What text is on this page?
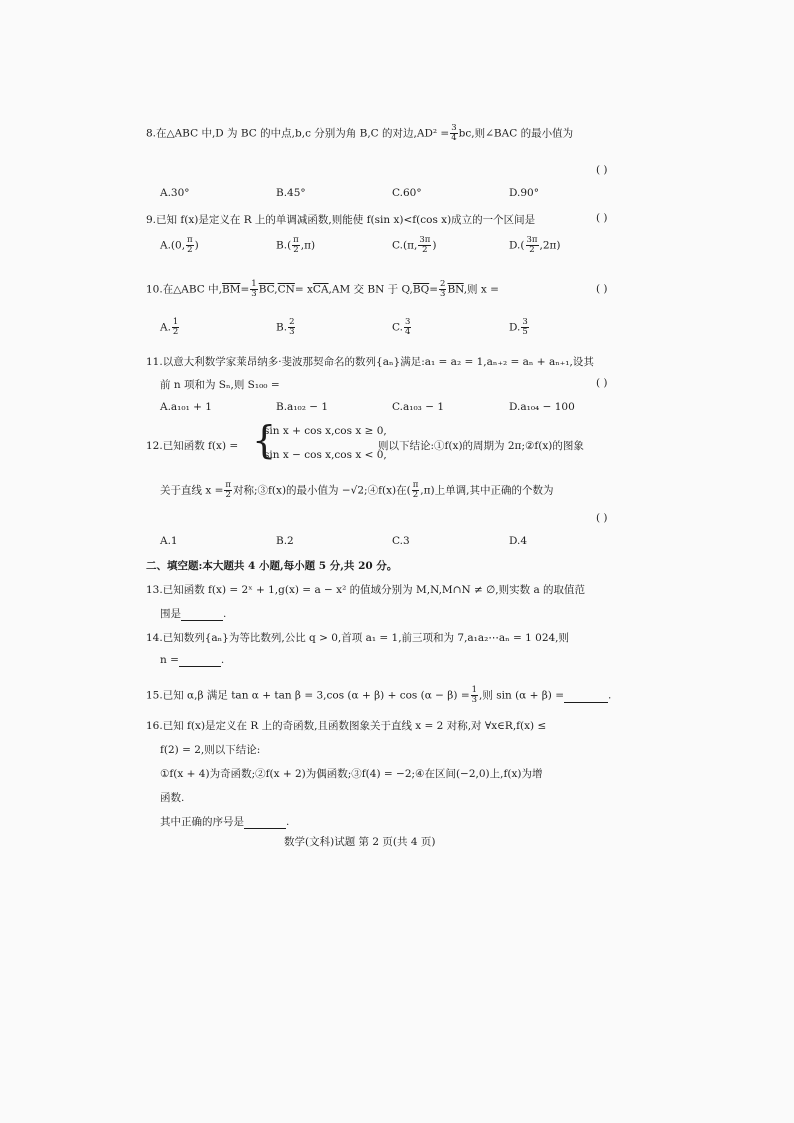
8.在△ABC 中,D 为 BC 的中点,b,c 分别为角 B,C 的对边$,AD^2 = \frac{3}{4}$ bc,则∠BAC 的最小值为
( )
A.30°	B.45°	C.60°	D.90°
9.已知 f(x)是定义在 R 上的单调减函数,则能使 f(sin x)<f(cos x)成立的一个区间是	( )
A.(0, $\frac{\pi}{2}$ )	$B.( \frac{\pi}{2} ,\pi)$	C.(π, $\frac{3\pi}{2}$ )	$D.( \frac{3\pi}{2} ,2\pi)$
10.在△ABC 中$,\overline{BM}= \frac{1}{3} \overline{BC},\overline{CN}= x\overline{CA},AM$ 交 BN 于 $Q,\overline{BQ}= \frac{2}{3} \overline{BN}$,则 x =	( )
A. $\frac{1}{2}$	B. $\frac{2}{3}$	C. $\frac{3}{4}$	D. $\frac{3}{5}$
11.以意大利数学家莱昂纳多·斐波那契命名的数列{aₙ}满足:a₁ = a₂ = 1,aₙ₊₂ = aₙ + aₙ₊₁,设其
前 n 项和为 Sₙ,则 S₁₀₀ =	( )
A.a₁₀₁ + 1	B.a₁₀₂ − 1	C.a₁₀₃ − 1	D.a₁₀₄ − 100
12.已知函数 f(x) = {
sin x + cos x,cos x ≥ 0,
sin x − cos x,cos x < 0,
则以下结论:①f(x)的周期为 2π;②f(x)的图象
关于直线 $x = \frac{\pi}{2}$ 对称;③f(x)的最小值为 −√2;④f(x)在( $\frac{\pi}{2} ,\pi$)上单调,其中正确的个数为
( )
A.1	B.2	C.3	D.4
二、填空题:本大题共 4 小题,每小题 5 分,共 20 分。
13.已知函数 f(x) = 2ˣ + 1,g(x) = a − x² 的值域分别为 M,N,M∩N ≠ ∅,则实数 a 的取值范
围是	.
14.已知数列{aₙ}为等比数列,公比 q > 0,首项 a₁ = 1,前三项和为 7,a₁a₂⋯aₙ = 1 024,则
n =	.
15.已知 α,β 满足 tan α + tan β = 3,cos $(\alpha + \beta) + \cos (\alpha - \beta) = \frac{1}{3}$ ,则 sin (α + β) =	.
16.已知 f(x)是定义在 R 上的奇函数,且函数图象关于直线 x = 2 对称,对 ∀x∈R,f(x) ≤
f(2) = 2,则以下结论:
①f(x + 4)为奇函数;②f(x + 2)为偶函数;③f(4) = −2;④在区间(−2,0)上,f(x)为增
函数.
其中正确的序号是	.
数学(文科)试题 第 2 页(共 4 页)
